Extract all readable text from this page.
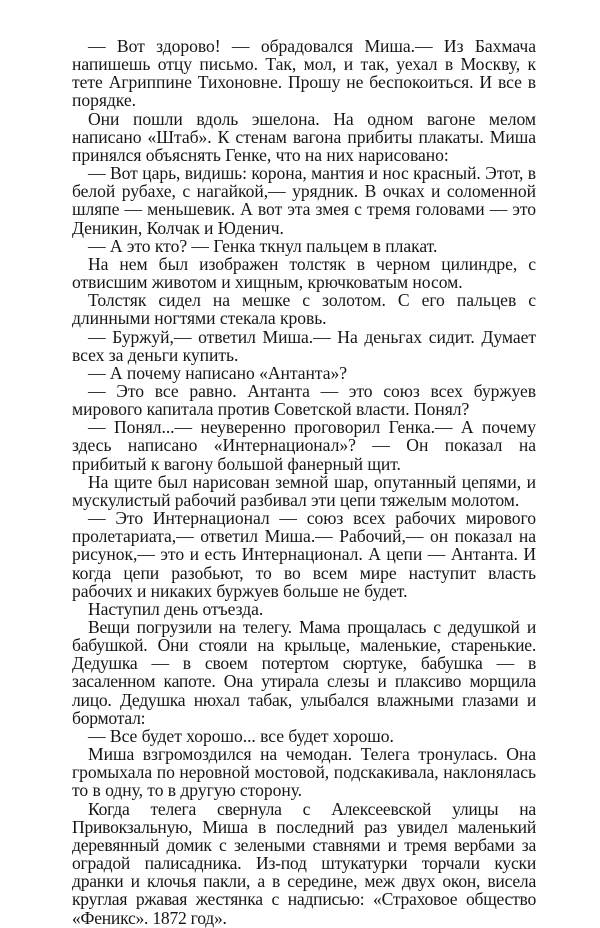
— Вот здорово! — обрадовался Миша.— Из Бахмача напишешь отцу письмо. Так, мол, и так, уехал в Москву, к тете Агриппине Тихоновне. Прошу не беспокоиться. И все в порядке.

Они пошли вдоль эшелона. На одном вагоне мелом написано «Штаб». К стенам вагона прибиты плакаты. Миша принялся объяснять Генке, что на них нарисовано:

— Вот царь, видишь: корона, мантия и нос красный. Этот, в белой рубахе, с нагайкой,— урядник. В очках и соломенной шляпе — меньшевик. А вот эта змея с тремя головами — это Деникин, Колчак и Юденич.

— А это кто? — Генка ткнул пальцем в плакат.

На нем был изображен толстяк в черном цилиндре, с отвисшим животом и хищным, крючковатым носом.

Толстяк сидел на мешке с золотом. С его пальцев с длинными ногтями стекала кровь.

— Буржуй,— ответил Миша.— На деньгах сидит. Думает всех за деньги купить.

— А почему написано «Антанта»?

— Это все равно. Антанта — это союз всех буржуев мирового капитала против Советской власти. Понял?

— Понял...— неуверенно проговорил Генка.— А почему здесь написано «Интернационал»? — Он показал на прибитый к вагону большой фанерный щит.

На щите был нарисован земной шар, опутанный цепями, и мускулистый рабочий разбивал эти цепи тяжелым молотом.

— Это Интернационал — союз всех рабочих мирового пролетариата,— ответил Миша.— Рабочий,— он показал на рисунок,— это и есть Интернационал. А цепи — Антанта. И когда цепи разобьют, то во всем мире наступит власть рабочих и никаких буржуев больше не будет.

Наступил день отъезда.

Вещи погрузили на телегу. Мама прощалась с дедушкой и бабушкой. Они стояли на крыльце, маленькие, старенькие. Дедушка — в своем потертом сюртуке, бабушка — в засаленном капоте. Она утирала слезы и плаксиво морщила лицо. Дедушка нюхал табак, улыбался влажными глазами и бормотал:

— Все будет хорошо... все будет хорошо.

Миша взгромоздился на чемодан. Телега тронулась. Она громыхала по неровной мостовой, подскакивала, наклонялась то в одну, то в другую сторону.

Когда телега свернула с Алексеевской улицы на Привокзальную, Миша в последний раз увидел маленький деревянный домик с зелеными ставнями и тремя вербами за оградой палисадника. Из-под штукатурки торчали куски дранки и клочья пакли, а в середине, меж двух окон, висела круглая ржавая жестянка с надписью: «Страховое общество «Феникс». 1872 год».
